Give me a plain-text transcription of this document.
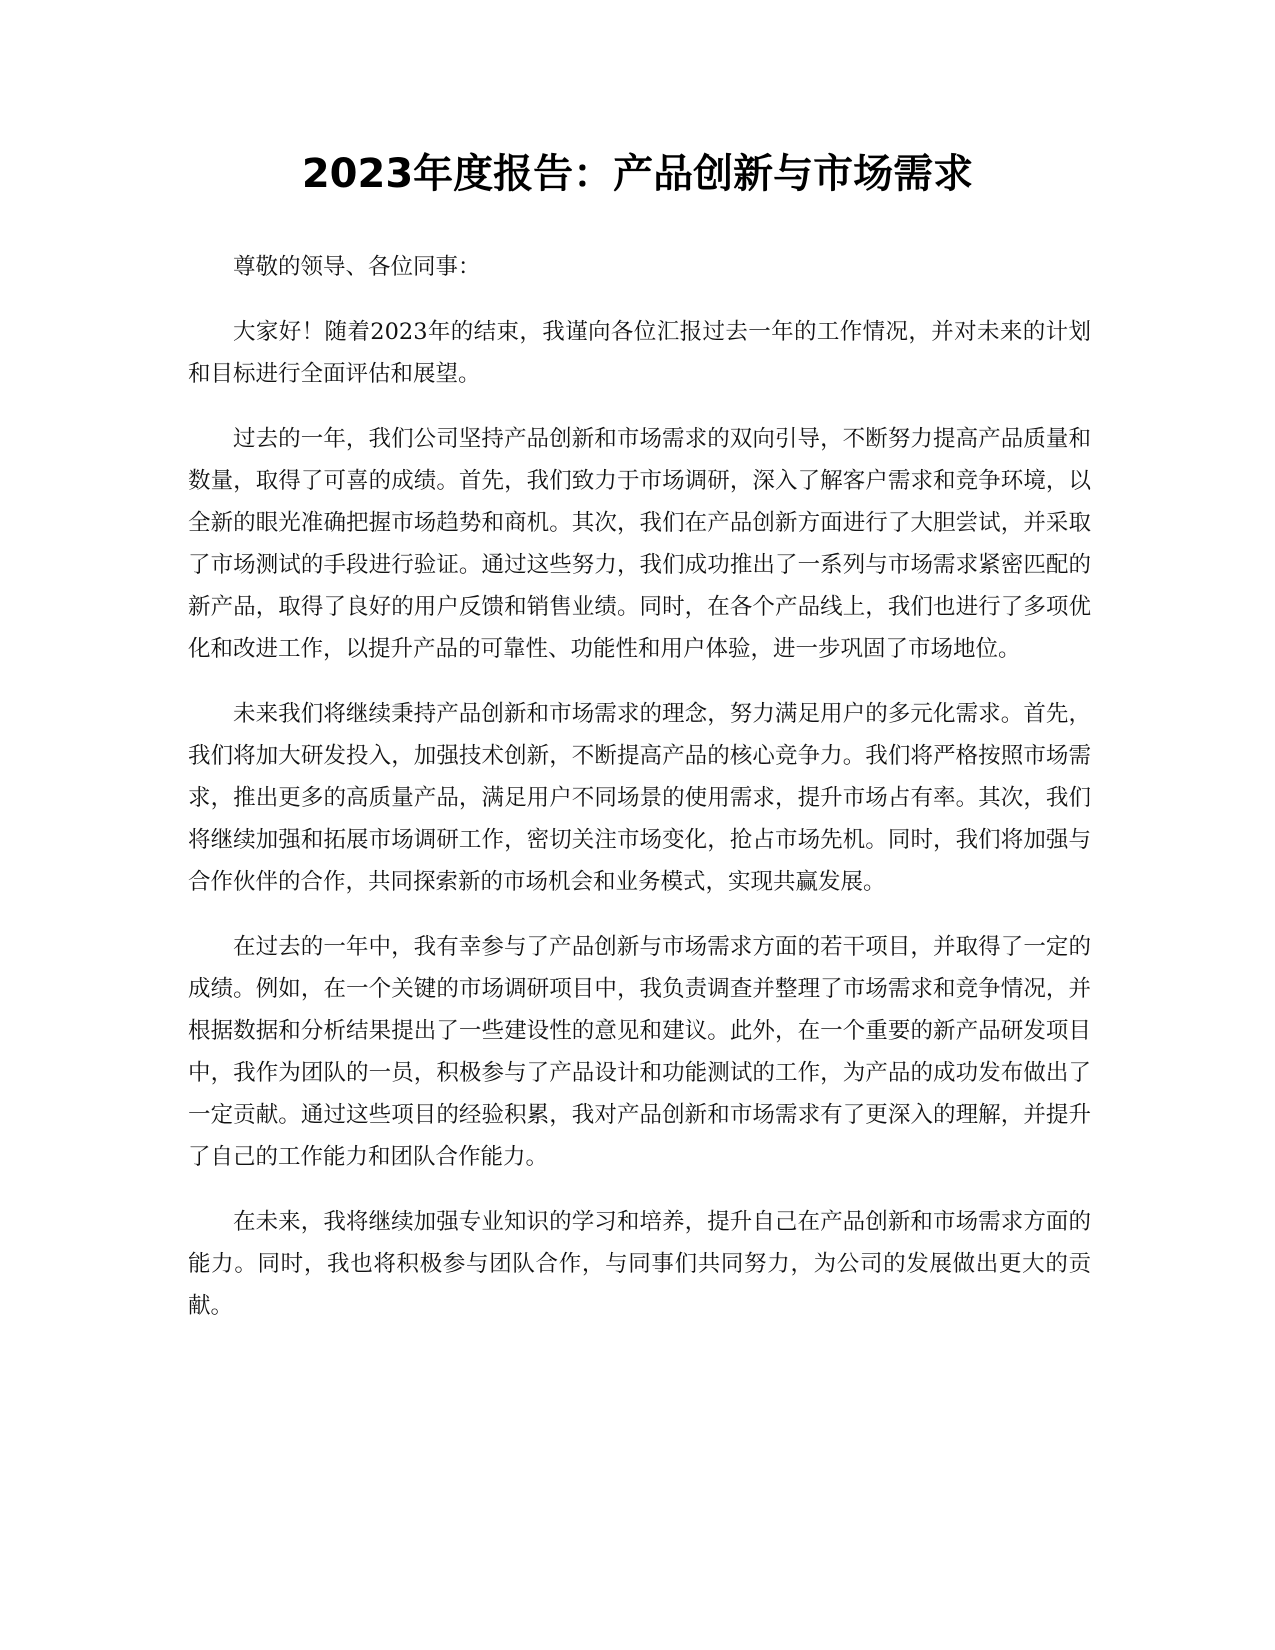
2023年度报告：产品创新与市场需求

尊敬的领导、各位同事：

大家好！随着2023年的结束，我谨向各位汇报过去一年的工作情况，并对未来的计划和目标进行全面评估和展望。

过去的一年，我们公司坚持产品创新和市场需求的双向引导，不断努力提高产品质量和数量，取得了可喜的成绩。首先，我们致力于市场调研，深入了解客户需求和竞争环境，以全新的眼光准确把握市场趋势和商机。其次，我们在产品创新方面进行了大胆尝试，并采取了市场测试的手段进行验证。通过这些努力，我们成功推出了一系列与市场需求紧密匹配的新产品，取得了良好的用户反馈和销售业绩。同时，在各个产品线上，我们也进行了多项优化和改进工作，以提升产品的可靠性、功能性和用户体验，进一步巩固了市场地位。

未来我们将继续秉持产品创新和市场需求的理念，努力满足用户的多元化需求。首先，我们将加大研发投入，加强技术创新，不断提高产品的核心竞争力。我们将严格按照市场需求，推出更多的高质量产品，满足用户不同场景的使用需求，提升市场占有率。其次，我们将继续加强和拓展市场调研工作，密切关注市场变化，抢占市场先机。同时，我们将加强与合作伙伴的合作，共同探索新的市场机会和业务模式，实现共赢发展。

在过去的一年中，我有幸参与了产品创新与市场需求方面的若干项目，并取得了一定的成绩。例如，在一个关键的市场调研项目中，我负责调查并整理了市场需求和竞争情况，并根据数据和分析结果提出了一些建设性的意见和建议。此外，在一个重要的新产品研发项目中，我作为团队的一员，积极参与了产品设计和功能测试的工作，为产品的成功发布做出了一定贡献。通过这些项目的经验积累，我对产品创新和市场需求有了更深入的理解，并提升了自己的工作能力和团队合作能力。

在未来，我将继续加强专业知识的学习和培养，提升自己在产品创新和市场需求方面的能力。同时，我也将积极参与团队合作，与同事们共同努力，为公司的发展做出更大的贡献。
